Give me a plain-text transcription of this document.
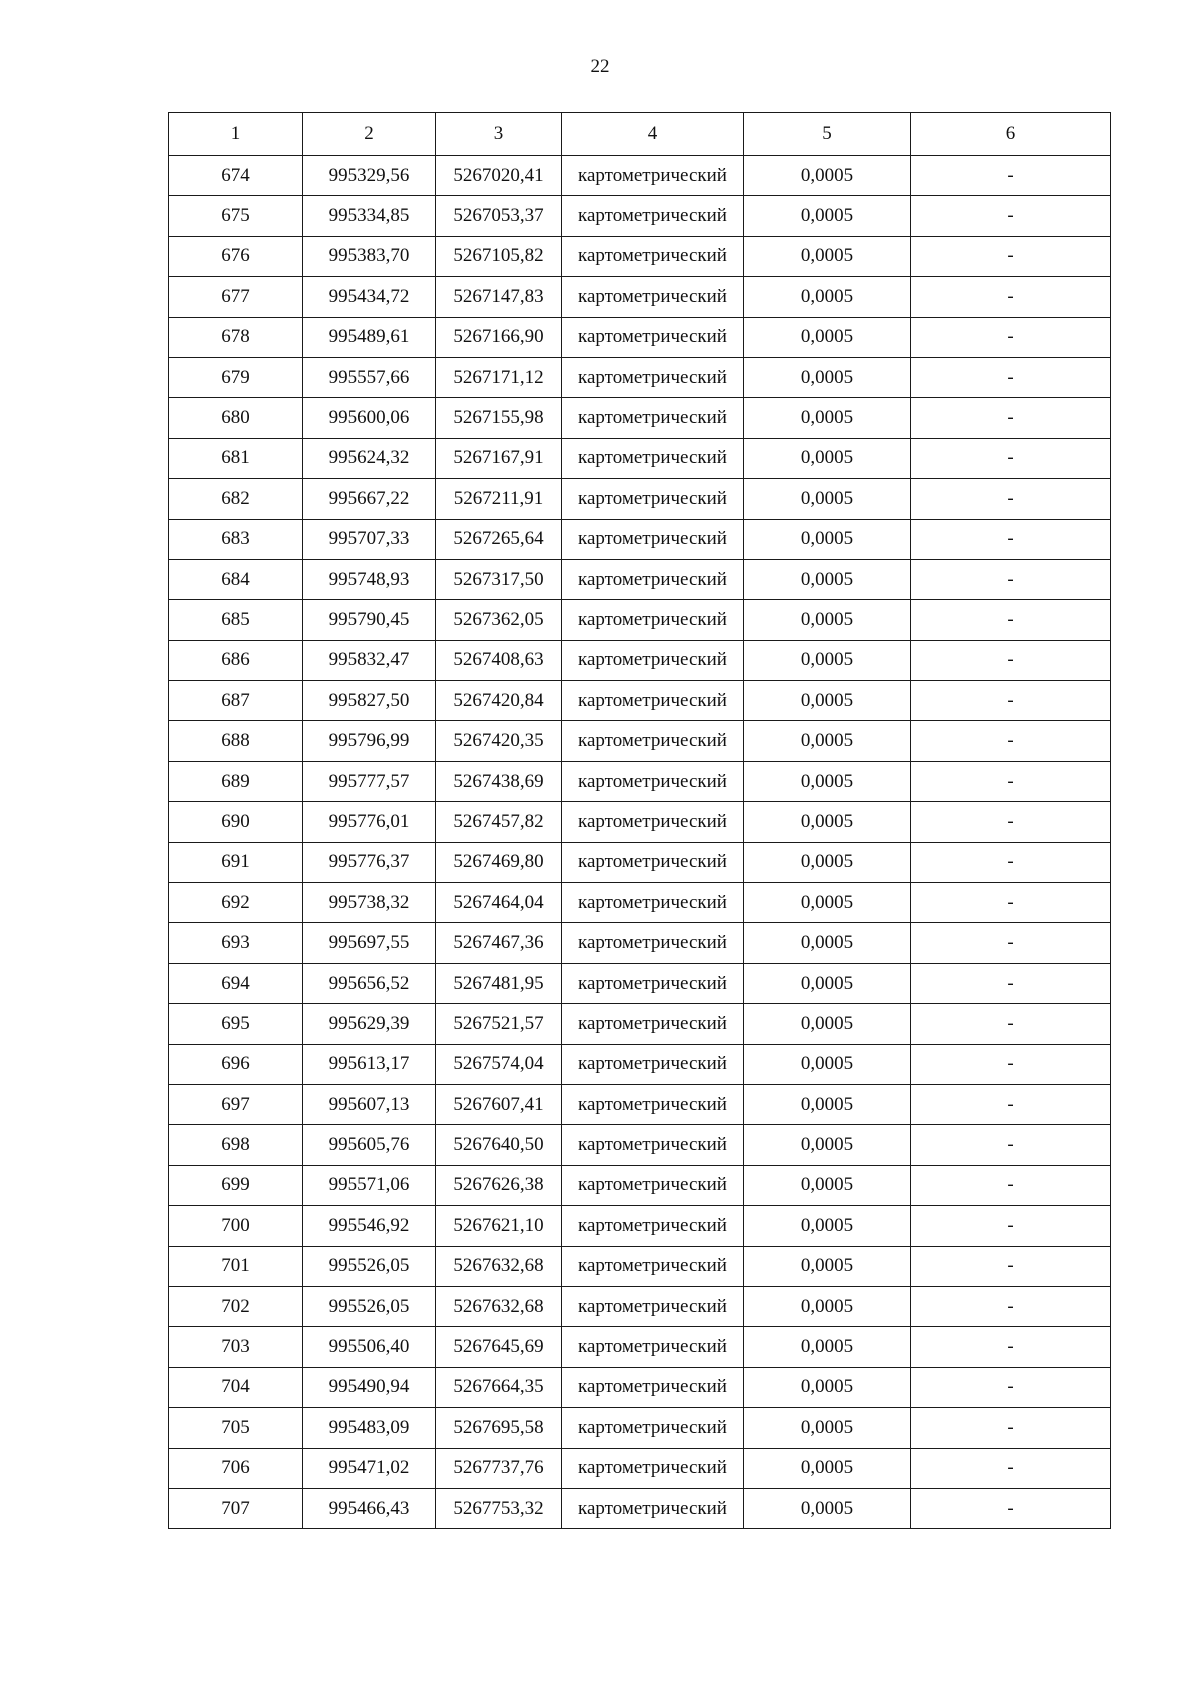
22
1	2	3	4	5	6
674	995329,56	5267020,41	картометрический	0,0005	-
675	995334,85	5267053,37	картометрический	0,0005	-
676	995383,70	5267105,82	картометрический	0,0005	-
677	995434,72	5267147,83	картометрический	0,0005	-
678	995489,61	5267166,90	картометрический	0,0005	-
679	995557,66	5267171,12	картометрический	0,0005	-
680	995600,06	5267155,98	картометрический	0,0005	-
681	995624,32	5267167,91	картометрический	0,0005	-
682	995667,22	5267211,91	картометрический	0,0005	-
683	995707,33	5267265,64	картометрический	0,0005	-
684	995748,93	5267317,50	картометрический	0,0005	-
685	995790,45	5267362,05	картометрический	0,0005	-
686	995832,47	5267408,63	картометрический	0,0005	-
687	995827,50	5267420,84	картометрический	0,0005	-
688	995796,99	5267420,35	картометрический	0,0005	-
689	995777,57	5267438,69	картометрический	0,0005	-
690	995776,01	5267457,82	картометрический	0,0005	-
691	995776,37	5267469,80	картометрический	0,0005	-
692	995738,32	5267464,04	картометрический	0,0005	-
693	995697,55	5267467,36	картометрический	0,0005	-
694	995656,52	5267481,95	картометрический	0,0005	-
695	995629,39	5267521,57	картометрический	0,0005	-
696	995613,17	5267574,04	картометрический	0,0005	-
697	995607,13	5267607,41	картометрический	0,0005	-
698	995605,76	5267640,50	картометрический	0,0005	-
699	995571,06	5267626,38	картометрический	0,0005	-
700	995546,92	5267621,10	картометрический	0,0005	-
701	995526,05	5267632,68	картометрический	0,0005	-
702	995526,05	5267632,68	картометрический	0,0005	-
703	995506,40	5267645,69	картометрический	0,0005	-
704	995490,94	5267664,35	картометрический	0,0005	-
705	995483,09	5267695,58	картометрический	0,0005	-
706	995471,02	5267737,76	картометрический	0,0005	-
707	995466,43	5267753,32	картометрический	0,0005	-
